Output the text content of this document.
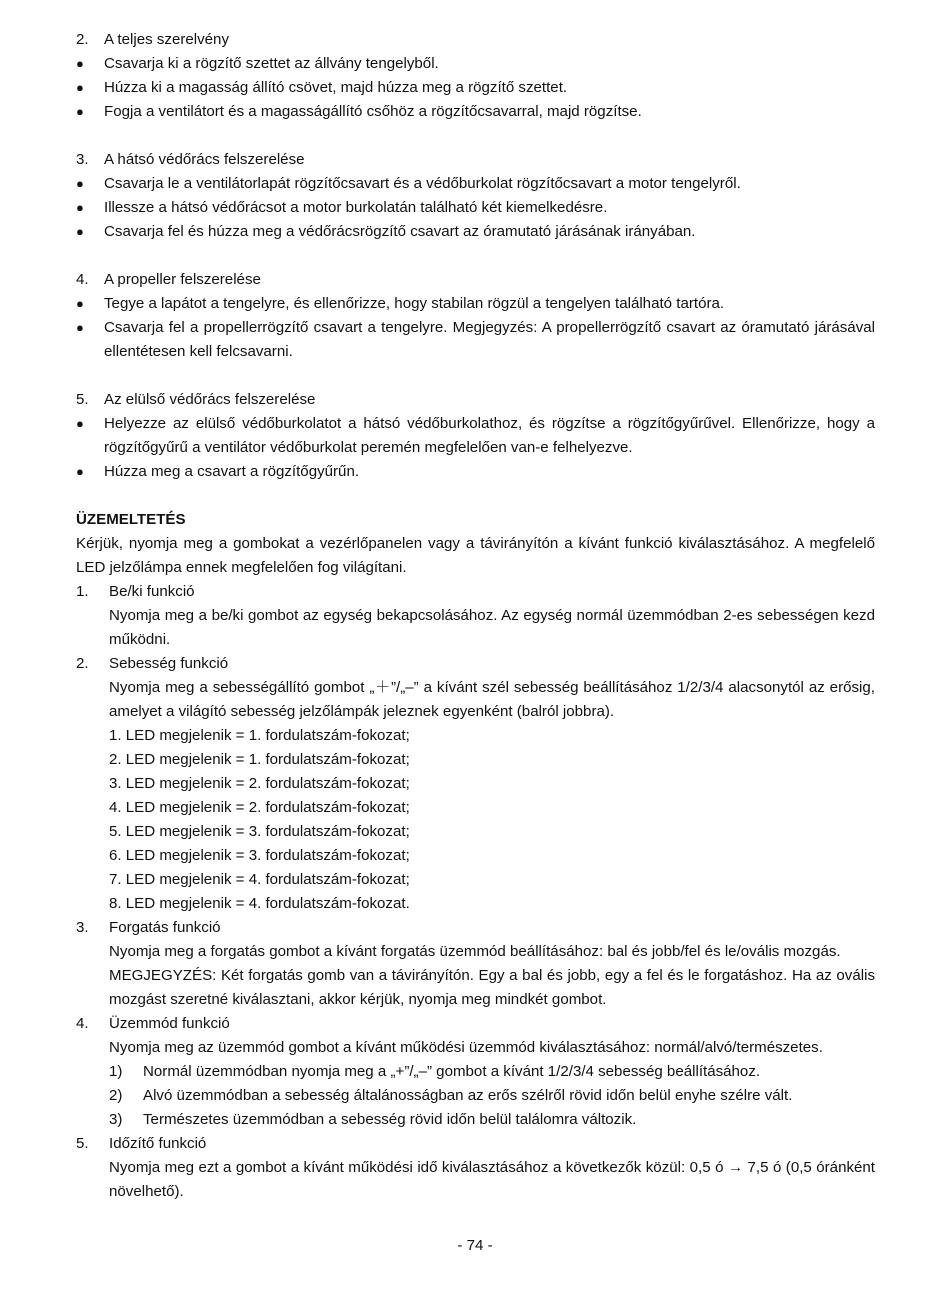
2.	A teljes szerelvény
●	Csavarja ki a rögzítő szettet az állvány tengelyből.
●	Húzza ki a magasság állító csövet, majd húzza meg a rögzítő szettet.
●	Fogja a ventilátort és a magasságállító csőhöz a rögzítőcsavarral, majd rögzítse.
3.	A hátsó védőrács felszerelése
●	Csavarja le a ventilátorlapát rögzítőcsavart és a védőburkolat rögzítőcsavart a motor tengelyről.
●	Illessze a hátsó védőrácsot a motor burkolatán található két kiemelkedésre.
●	Csavarja fel és húzza meg a védőrácsrögzítő csavart az óramutató járásának irányában.
4.	A propeller felszerelése
●	Tegye a lapátot a tengelyre, és ellenőrizze, hogy stabilan rögzül a tengelyen található tartóra.
●	Csavarja fel a propellerrögzítő csavart a tengelyre. Megjegyzés: A propellerrögzítő csavart az óramutató járásával ellentétesen kell felcsavarni.
5.	Az elülső védőrács felszerelése
●	Helyezze az elülső védőburkolatot a hátsó védőburkolathoz, és rögzítse a rögzítőgyűrűvel. Ellenőrizze, hogy a rögzítőgyűrű a ventilátor védőburkolat peremén megfelelően van-e felhelyezve.
●	Húzza meg a csavart a rögzítőgyűrűn.

ÜZEMELTETÉS

Kérjük, nyomja meg a gombokat a vezérlőpanelen vagy a távirányítón a kívánt funkció kiválasztásához. A megfelelő LED jelzőlámpa ennek megfelelően fog világítani.

1.	Be/ki funkció

Nyomja meg a be/ki gombot az egység bekapcsolásához. Az egység normál üzemmódban 2-es sebességen kezd működni.

2.	Sebesség funkció

Nyomja meg a sebességállító gombot „＋”/„–” a kívánt szél sebesség beállításához 1/2/3/4 alacsonytól az erősig, amelyet a világító sebesség jelzőlámpák jeleznek egyenként (balról jobbra).

1. LED megjelenik = 1. fordulatszám-fokozat;

2. LED megjelenik = 1. fordulatszám-fokozat;

3. LED megjelenik = 2. fordulatszám-fokozat;

4. LED megjelenik = 2. fordulatszám-fokozat;

5. LED megjelenik = 3. fordulatszám-fokozat;

6. LED megjelenik = 3. fordulatszám-fokozat;

7. LED megjelenik = 4. fordulatszám-fokozat;

8. LED megjelenik = 4. fordulatszám-fokozat.

3.	Forgatás funkció

Nyomja meg a forgatás gombot a kívánt forgatás üzemmód beállításához: bal és jobb/fel és le/ovális mozgás.

MEGJEGYZÉS: Két forgatás gomb van a távirányítón. Egy a bal és jobb, egy a fel és le forgatáshoz. Ha az ovális mozgást szeretné kiválasztani, akkor kérjük, nyomja meg mindkét gombot.

4.	Üzemmód funkció

Nyomja meg az üzemmód gombot a kívánt működési üzemmód kiválasztásához: normál/alvó/természetes.

1)	Normál üzemmódban nyomja meg a „+”/„–” gombot a kívánt 1/2/3/4 sebesség beállításához.
2)	Alvó üzemmódban a sebesség általánosságban az erős szélről rövid időn belül enyhe szélre vált.
3)	Természetes üzemmódban a sebesség rövid időn belül találomra változik.
5.	Időzítő funkció

Nyomja meg ezt a gombot a kívánt működési idő kiválasztásához a következők közül: 0,5 ó → 7,5 ó (0,5 óránként növelhető).

- 74 -
